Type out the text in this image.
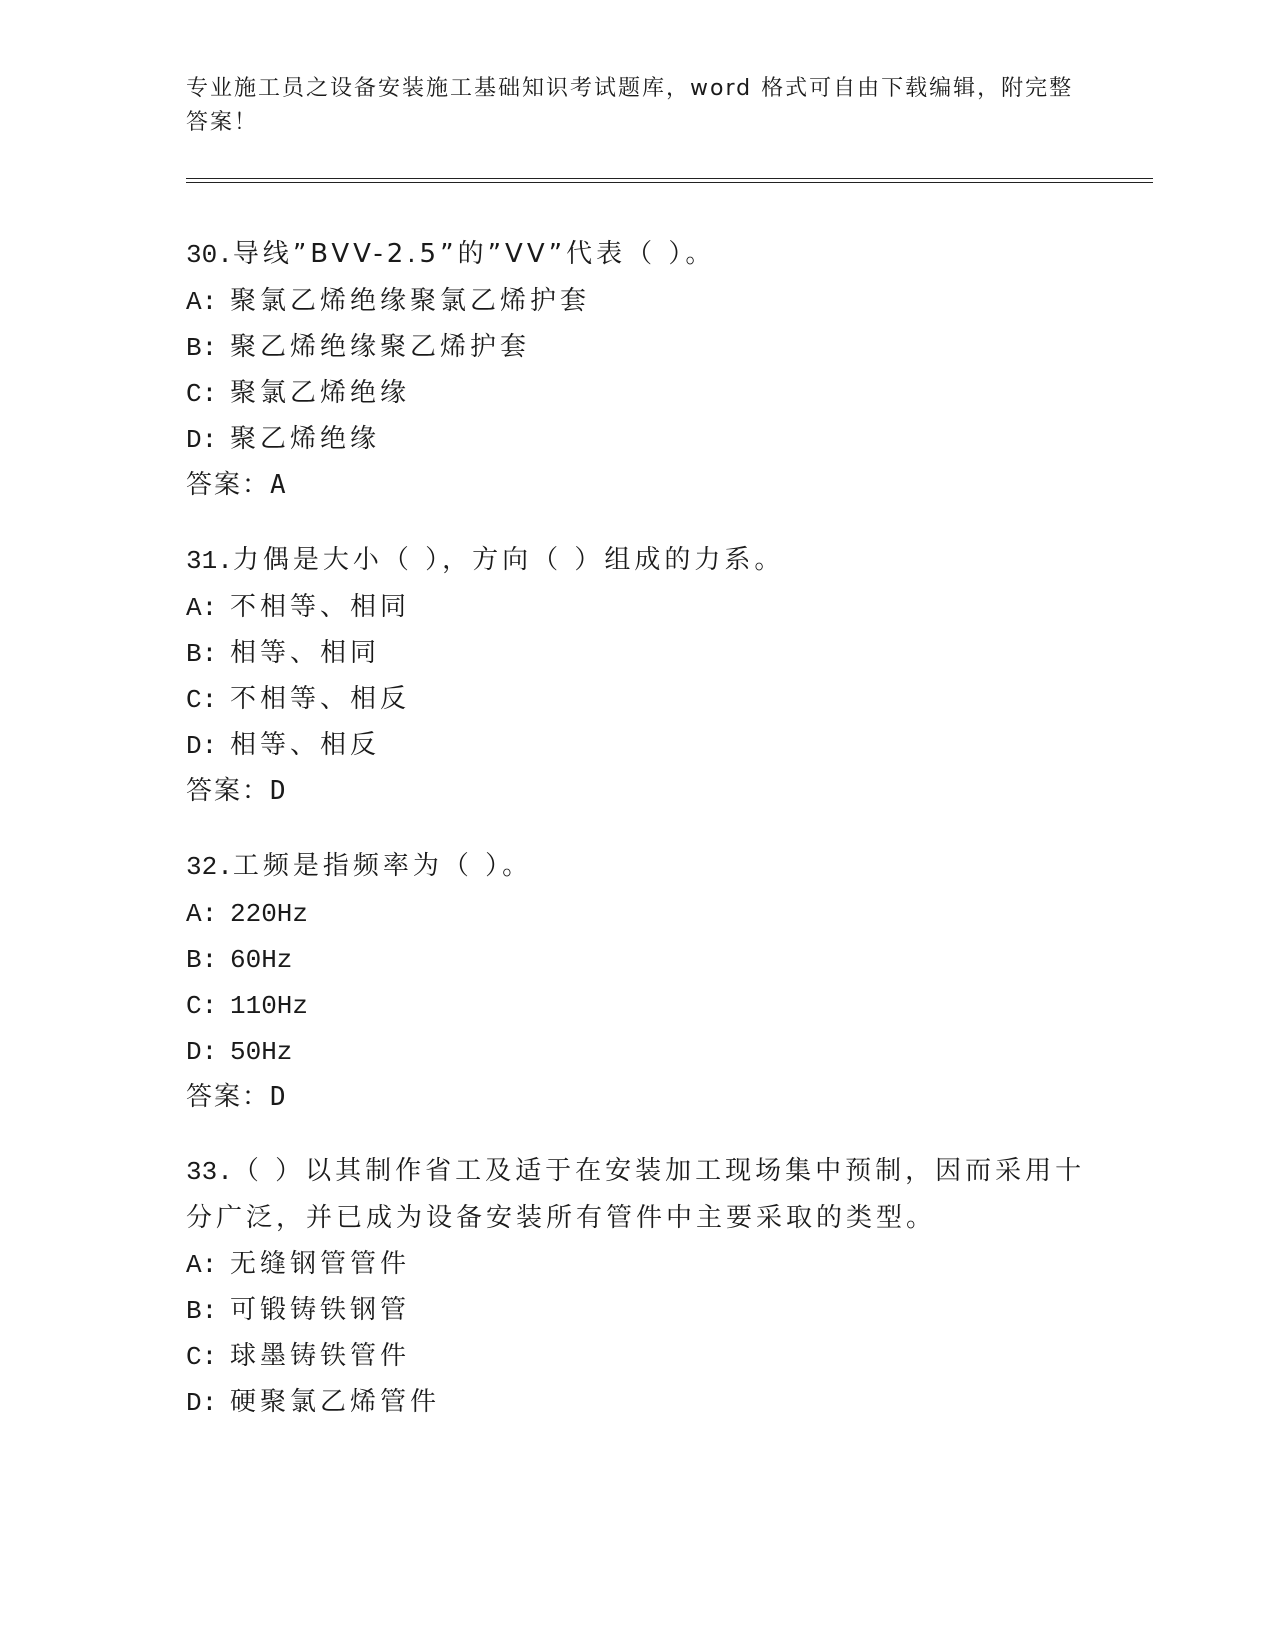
专业施工员之设备安装施工基础知识考试题库，word 格式可自由下载编辑，附完整答案！

30.导线”BVV-2.5”的”VV”代表（ ）。

A: 聚氯乙烯绝缘聚氯乙烯护套
B: 聚乙烯绝缘聚乙烯护套
C: 聚氯乙烯绝缘
D: 聚乙烯绝缘
答案：A

31.力偶是大小（ ），方向（ ）组成的力系。

A: 不相等、相同
B: 相等、相同
C: 不相等、相反
D: 相等、相反
答案：D

32.工频是指频率为（ ）。

A: 220Hz
B: 60Hz
C: 110Hz
D: 50Hz
答案：D

33.（ ）以其制作省工及适于在安装加工现场集中预制，因而采用十分广泛，并已成为设备安装所有管件中主要采取的类型。

A: 无缝钢管管件
B: 可锻铸铁钢管
C: 球墨铸铁管件
D: 硬聚氯乙烯管件
